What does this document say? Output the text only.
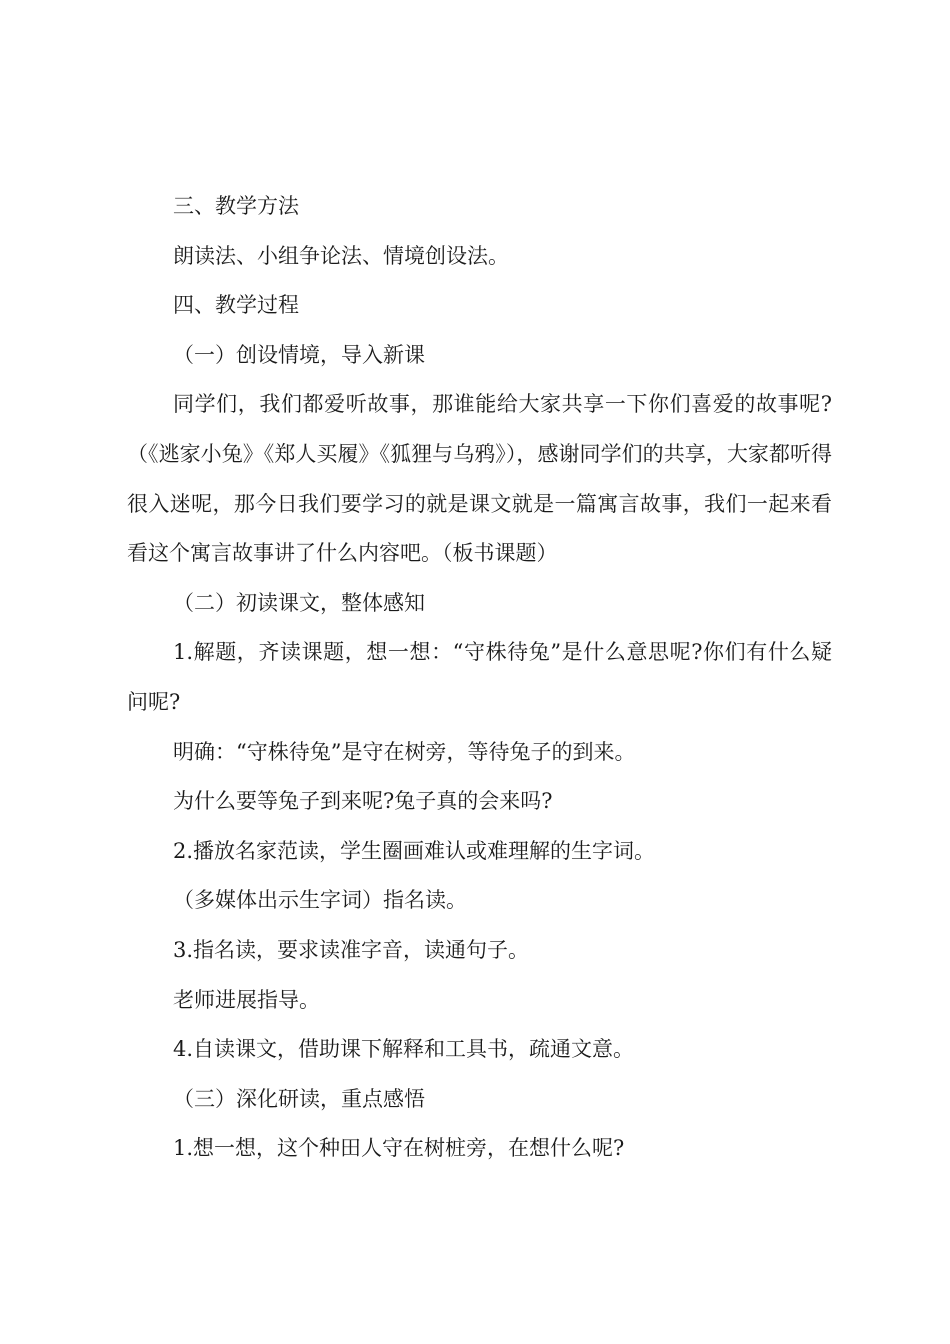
三、教学方法

朗读法、小组争论法、情境创设法。

四、教学过程

（一）创设情境，导入新课

同学们，我们都爱听故事，那谁能给大家共享一下你们喜爱的故事呢?（《逃家小兔》《郑人买履》《狐狸与乌鸦》），感谢同学们的共享，大家都听得很入迷呢，那今日我们要学习的就是课文就是一篇寓言故事，我们一起来看看这个寓言故事讲了什么内容吧。（板书课题）

（二）初读课文，整体感知

1.解题，齐读课题，想一想：“守株待兔”是什么意思呢?你们有什么疑问呢?

明确：“守株待兔”是守在树旁，等待兔子的到来。

为什么要等兔子到来呢?兔子真的会来吗?

2.播放名家范读，学生圈画难认或难理解的生字词。

（多媒体出示生字词）指名读。

3.指名读，要求读准字音，读通句子。

老师进展指导。

4.自读课文，借助课下解释和工具书，疏通文意。

（三）深化研读，重点感悟

1.想一想，这个种田人守在树桩旁，在想什么呢?
